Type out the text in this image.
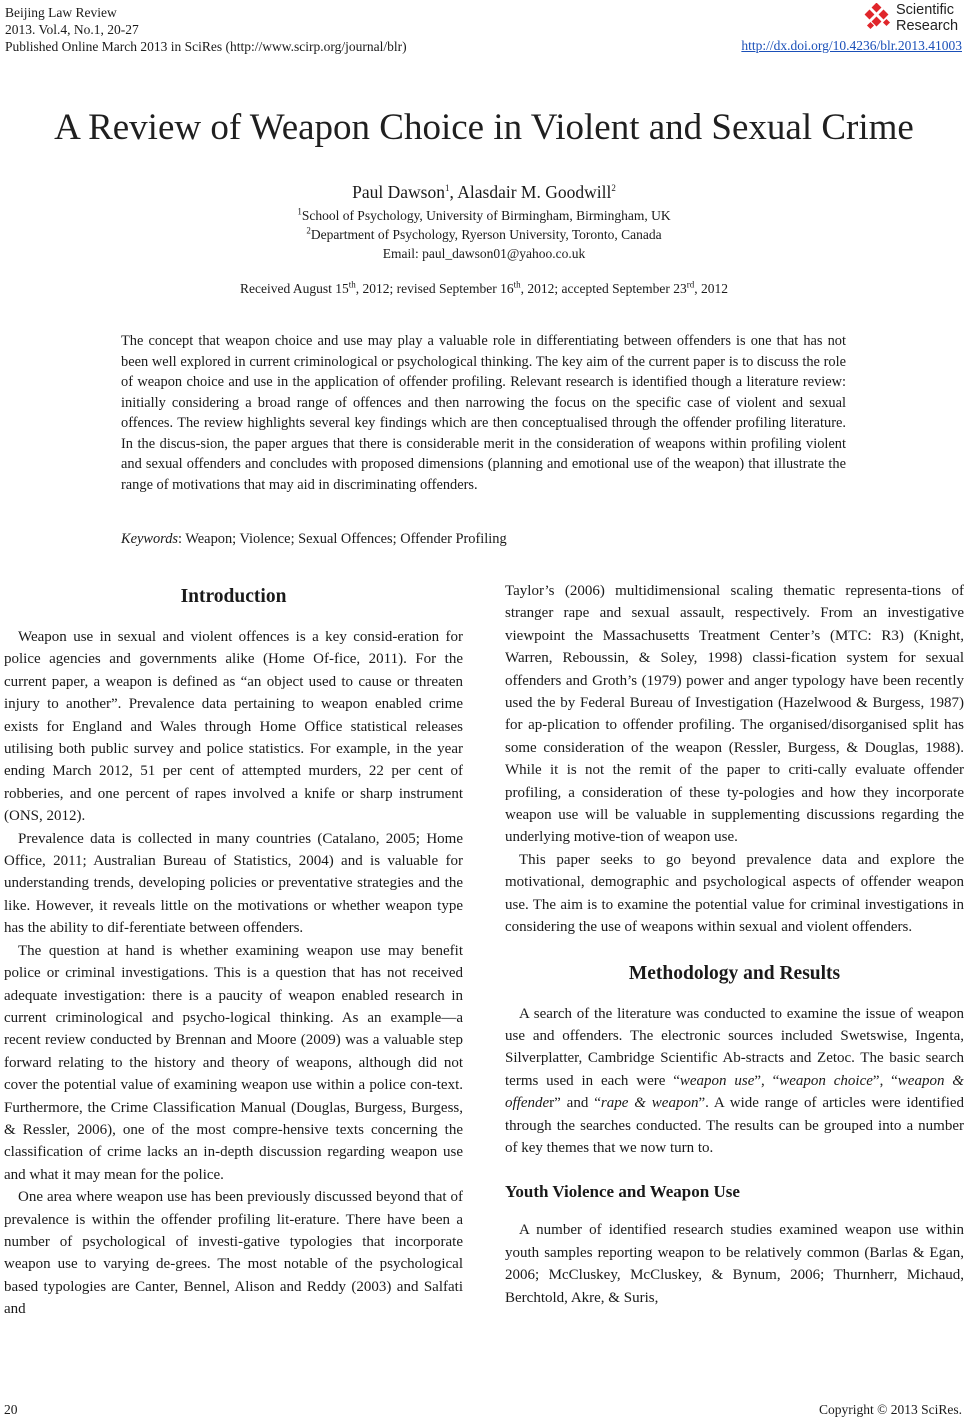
Beijing Law Review
2013. Vol.4, No.1, 20-27
Published Online March 2013 in SciRes (http://www.scirp.org/journal/blr)
Scientific
Research
http://dx.doi.org/10.4236/blr.2013.41003
A Review of Weapon Choice in Violent and Sexual Crime
Paul Dawson$^1$, Alasdair M. Goodwill$^2$
$^1$School of Psychology, University of Birmingham, Birmingham, UK
$^2$Department of Psychology, Ryerson University, Toronto, Canada
Email: paul_dawson01@yahoo.co.uk
Received August 15th, 2012; revised September 16th, 2012; accepted September 23rd, 2012

The concept that weapon choice and use may play a valuable role in differentiating between offenders is one that has not been well explored in current criminological or psychological thinking. The key aim of the current paper is to discuss the role of weapon choice and use in the application of offender profiling. Relevant research is identified though a literature review: initially considering a broad range of offences and then narrowing the focus on the specific case of violent and sexual offences. The review highlights several key findings which are then conceptualised through the offender profiling literature. In the discus-sion, the paper argues that there is considerable merit in the consideration of weapons within profiling violent and sexual offenders and concludes with proposed dimensions (planning and emotional use of the weapon) that illustrate the range of motivations that may aid in discriminating offenders.

Keywords: Weapon; Violence; Sexual Offences; Offender Profiling
Introduction

Weapon use in sexual and violent offences is a key consid-eration for police agencies and governments alike (Home Of-fice, 2011). For the current paper, a weapon is defined as “an object used to cause or threaten injury to another”. Prevalence data pertaining to weapon enabled crime exists for England and Wales through Home Office statistical releases utilising both public survey and police statistics. For example, in the year ending March 2012, 51 per cent of attempted murders, 22 per cent of robberies, and one percent of rapes involved a knife or sharp instrument (ONS, 2012).

Prevalence data is collected in many countries (Catalano, 2005; Home Office, 2011; Australian Bureau of Statistics, 2004) and is valuable for understanding trends, developing policies or preventative strategies and the like. However, it reveals little on the motivations or whether weapon type has the ability to dif-ferentiate between offenders.

The question at hand is whether examining weapon use may benefit police or criminal investigations. This is a question that has not received adequate investigation: there is a paucity of weapon enabled research in current criminological and psycho-logical thinking. As an example—a recent review conducted by Brennan and Moore (2009) was a valuable step forward relating to the history and theory of weapons, although did not cover the potential value of examining weapon use within a police con-text. Furthermore, the Crime Classification Manual (Douglas, Burgess, Burgess, & Ressler, 2006), one of the most compre-hensive texts concerning the classification of crime lacks an in-depth discussion regarding weapon use and what it may mean for the police.

One area where weapon use has been previously discussed beyond that of prevalence is within the offender profiling lit-erature. There have been a number of psychological of investi-gative typologies that incorporate weapon use to varying de-grees. The most notable of the psychological based typologies are Canter, Bennel, Alison and Reddy (2003) and Salfati and

Taylor’s (2006) multidimensional scaling thematic representa-tions of stranger rape and sexual assault, respectively. From an investigative viewpoint the Massachusetts Treatment Center’s (MTC: R3) (Knight, Warren, Reboussin, & Soley, 1998) classi-fication system for sexual offenders and Groth’s (1979) power and anger typology have been recently used the by Federal Bureau of Investigation (Hazelwood & Burgess, 1987) for ap-plication to offender profiling. The organised/disorganised split has some consideration of the weapon (Ressler, Burgess, & Douglas, 1988). While it is not the remit of the paper to criti-cally evaluate offender profiling, a consideration of these ty-pologies and how they incorporate weapon use will be valuable in supplementing discussions regarding the underlying motive-tion of weapon use.

This paper seeks to go beyond prevalence data and explore the motivational, demographic and psychological aspects of offender weapon use. The aim is to examine the potential value for criminal investigations in considering the use of weapons within sexual and violent offenders.

Methodology and Results

A search of the literature was conducted to examine the issue of weapon use and offenders. The electronic sources included Swetswise, Ingenta, Silverplatter, Cambridge Scientific Ab-stracts and Zetoc. The basic search terms used in each were “weapon use”, “weapon choice”, “weapon & offender” and “rape & weapon”. A wide range of articles were identified through the searches conducted. The results can be grouped into a number of key themes that we now turn to.

Youth Violence and Weapon Use

A number of identified research studies examined weapon use within youth samples reporting weapon to be relatively common (Barlas & Egan, 2006; McCluskey, McCluskey, & Bynum, 2006; Thurnherr, Michaud, Berchtold, Akre, & Suris,

20	Copyright © 2013 SciRes.
